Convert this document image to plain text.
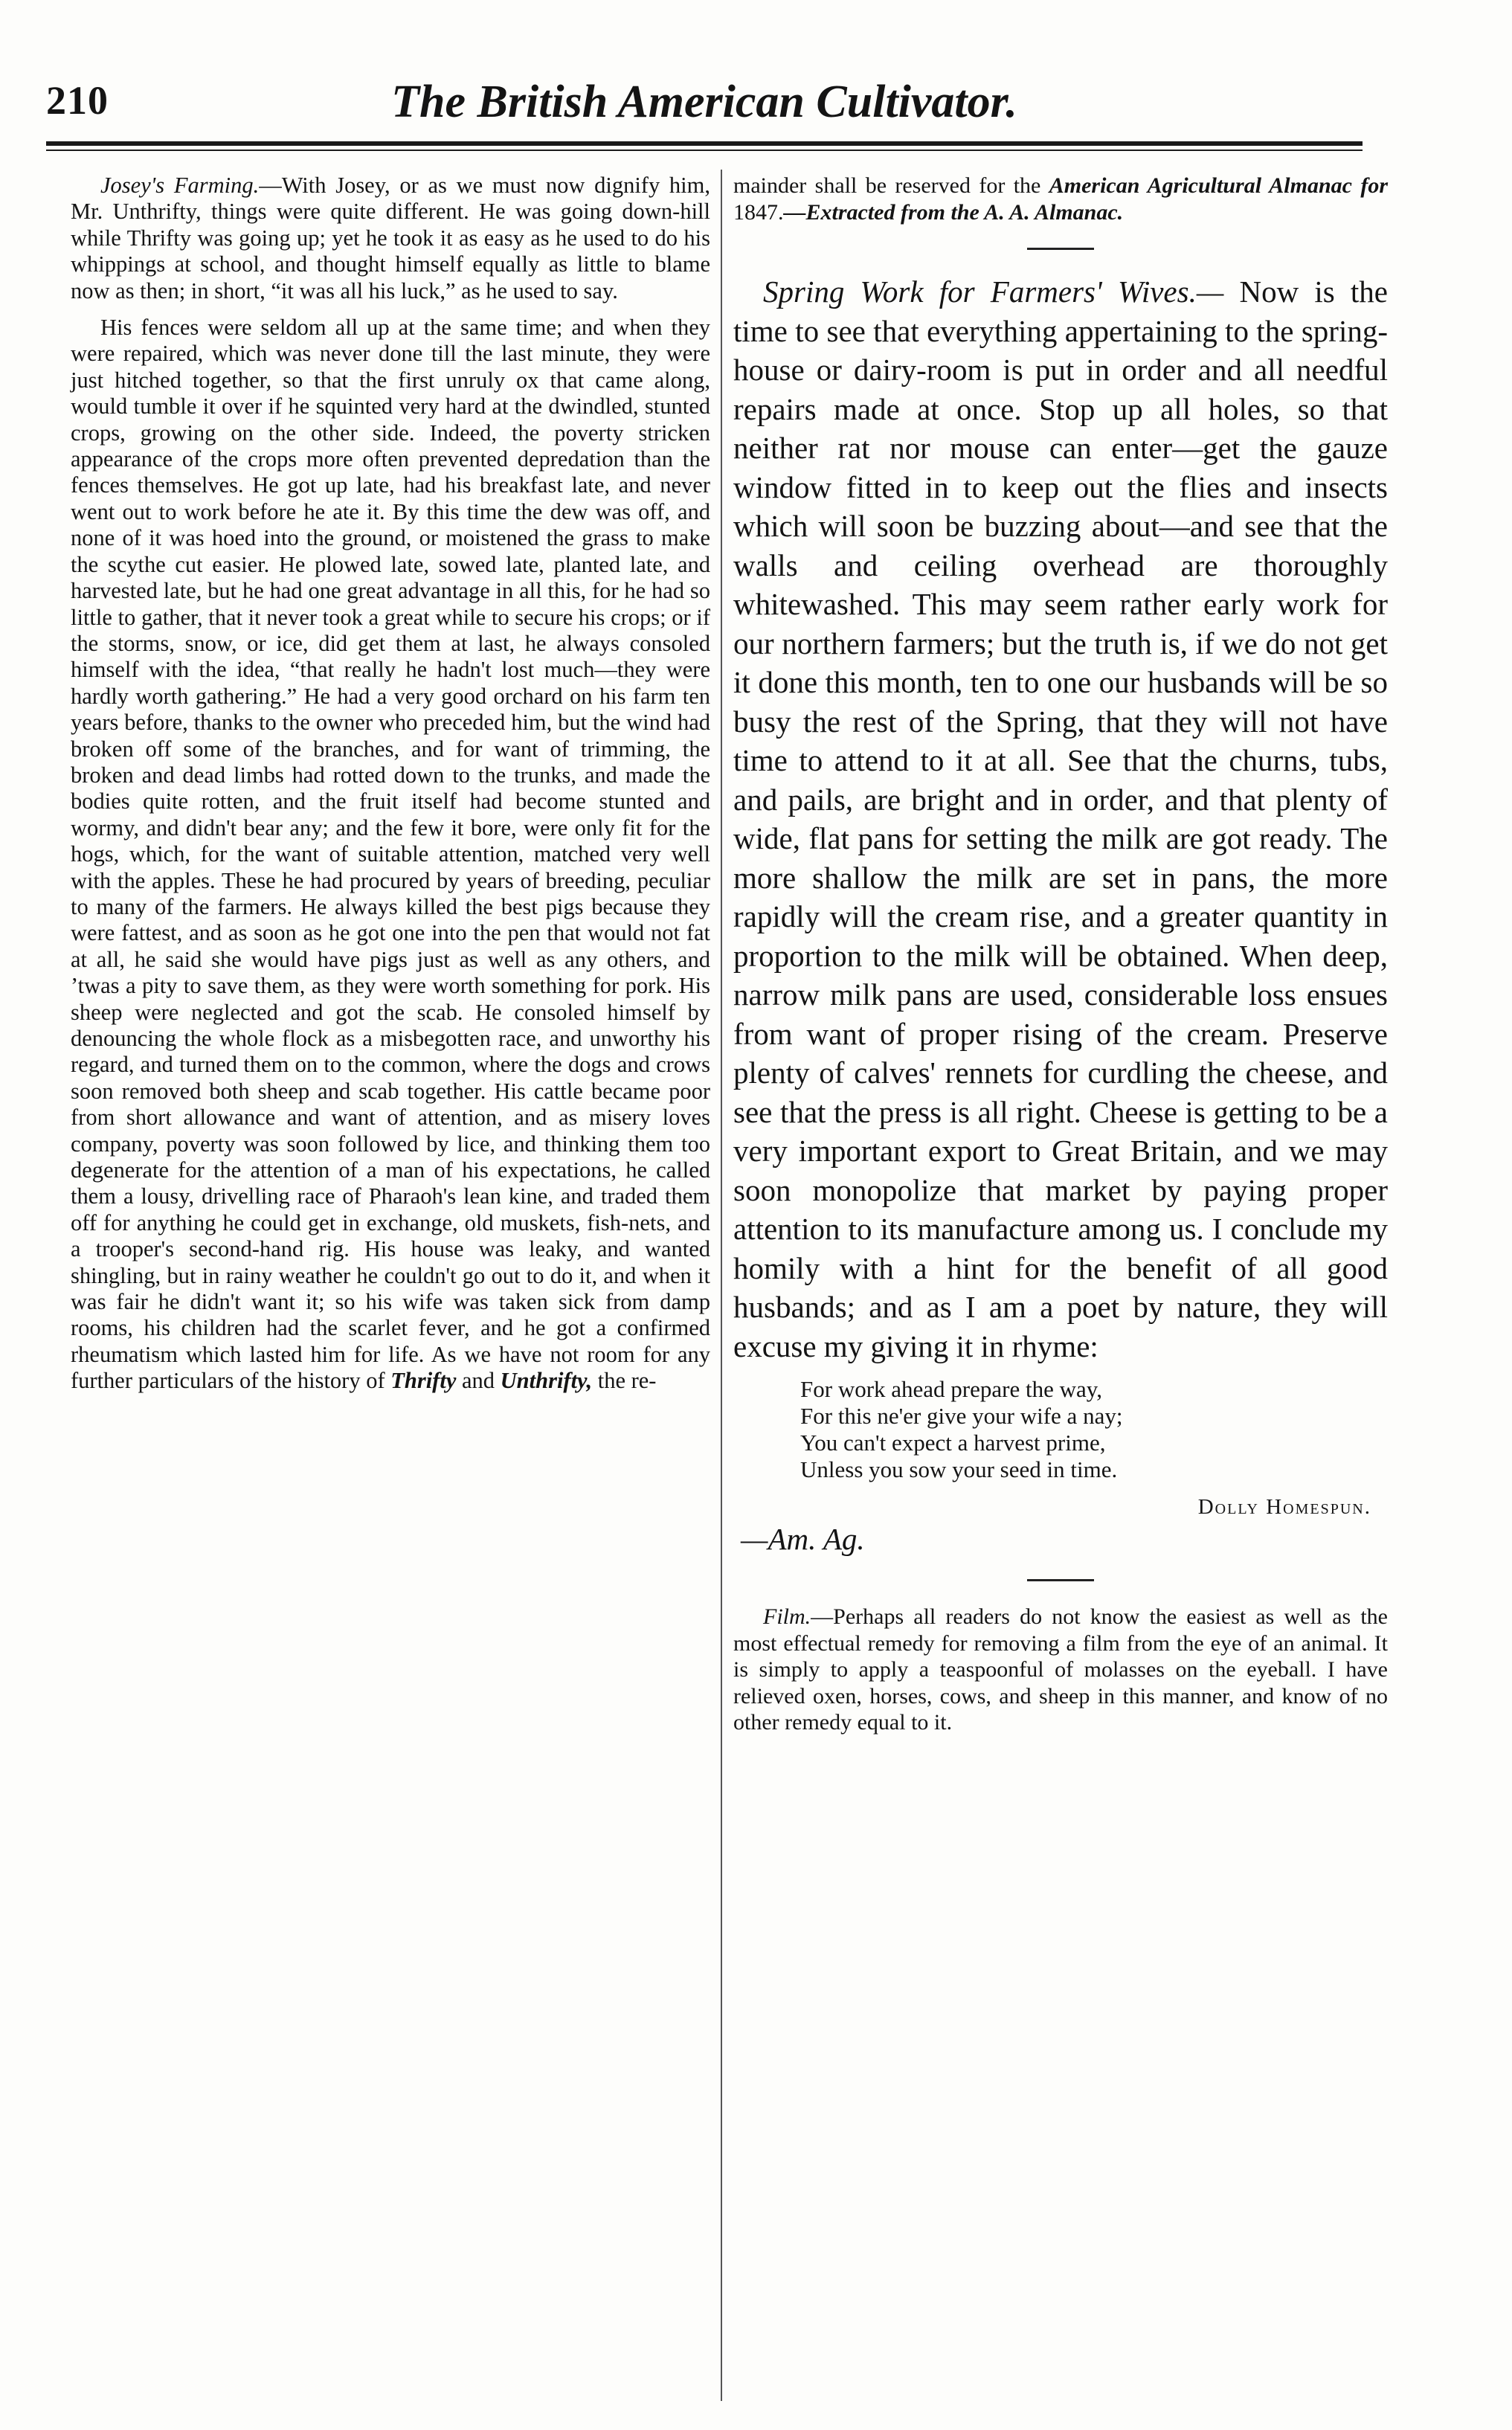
210	The British American Cultivator.

Josey's Farming.—With Josey, or as we must now dignify him, Mr. Unthrifty, things were quite different. He was going down-hill while Thrifty was going up; yet he took it as easy as he used to do his whippings at school, and thought himself equally as little to blame now as then; in short, “it was all his luck,” as he used to say.

His fences were seldom all up at the same time; and when they were repaired, which was never done till the last minute, they were just hitched together, so that the first unruly ox that came along, would tumble it over if he squinted very hard at the dwindled, stunted crops, growing on the other side. Indeed, the poverty stricken appearance of the crops more often prevented depredation than the fences themselves. He got up late, had his breakfast late, and never went out to work before he ate it. By this time the dew was off, and none of it was hoed into the ground, or moistened the grass to make the scythe cut easier. He plowed late, sowed late, planted late, and harvested late, but he had one great advantage in all this, for he had so little to gather, that it never took a great while to secure his crops; or if the storms, snow, or ice, did get them at last, he always consoled himself with the idea, “that really he hadn't lost much—they were hardly worth gathering.” He had a very good orchard on his farm ten years before, thanks to the owner who preceded him, but the wind had broken off some of the branches, and for want of trimming, the broken and dead limbs had rotted down to the trunks, and made the bodies quite rotten, and the fruit itself had become stunted and wormy, and didn't bear any; and the few it bore, were only fit for the hogs, which, for the want of suitable attention, matched very well with the apples. These he had procured by years of breeding, peculiar to many of the farmers. He always killed the best pigs because they were fattest, and as soon as he got one into the pen that would not fat at all, he said she would have pigs just as well as any others, and ’twas a pity to save them, as they were worth something for pork. His sheep were neglected and got the scab. He consoled himself by denouncing the whole flock as a misbegotten race, and unworthy his regard, and turned them on to the common, where the dogs and crows soon removed both sheep and scab together. His cattle became poor from short allowance and want of attention, and as misery loves company, poverty was soon followed by lice, and thinking them too degenerate for the attention of a man of his expectations, he called them a lousy, drivelling race of Pharaoh's lean kine, and traded them off for anything he could get in exchange, old muskets, fish-nets, and a trooper's second-hand rig. His house was leaky, and wanted shingling, but in rainy weather he couldn't go out to do it, and when it was fair he didn't want it; so his wife was taken sick from damp rooms, his children had the scarlet fever, and he got a confirmed rheumatism which lasted him for life. As we have not room for any further particulars of the history of Thrifty and Unthrifty, the re-

mainder shall be reserved for the American Agricultural Almanac for 1847.—Extracted from the A. A. Almanac.

Spring Work for Farmers' Wives.— Now is the time to see that everything appertaining to the spring-house or dairy-room is put in order and all needful repairs made at once. Stop up all holes, so that neither rat nor mouse can enter—get the gauze window fitted in to keep out the flies and insects which will soon be buzzing about—and see that the walls and ceiling overhead are thoroughly whitewashed. This may seem rather early work for our northern farmers; but the truth is, if we do not get it done this month, ten to one our husbands will be so busy the rest of the Spring, that they will not have time to attend to it at all. See that the churns, tubs, and pails, are bright and in order, and that plenty of wide, flat pans for setting the milk are got ready. The more shallow the milk are set in pans, the more rapidly will the cream rise, and a greater quantity in proportion to the milk will be obtained. When deep, narrow milk pans are used, considerable loss ensues from want of proper rising of the cream. Preserve plenty of calves' rennets for curdling the cheese, and see that the press is all right. Cheese is getting to be a very important export to Great Britain, and we may soon monopolize that market by paying proper attention to its manufacture among us. I conclude my homily with a hint for the benefit of all good husbands; and as I am a poet by nature, they will excuse my giving it in rhyme:

For work ahead prepare the way,

For this ne'er give your wife a nay;

You can't expect a harvest prime,

Unless you sow your seed in time.

Dolly Homespun.
—Am. Ag.

Film.—Perhaps all readers do not know the easiest as well as the most effectual remedy for removing a film from the eye of an animal. It is simply to apply a teaspoonful of molasses on the eyeball. I have relieved oxen, horses, cows, and sheep in this manner, and know of no other remedy equal to it.
